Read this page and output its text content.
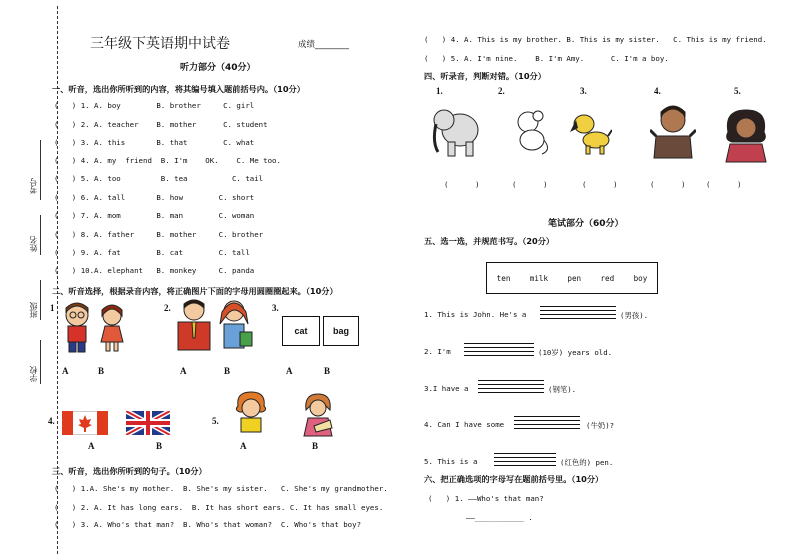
考号
姓名
班级
学校
三年级下英语期中试卷	成绩________
听力部分（40分）
一、听音，选出你所听到的内容，将其编号填入题前括号内。（10分）
(   ) 1. A. boy        B. brother     C. girl
(   ) 2. A. teacher    B. mother      C. student
(   ) 3. A. this       B. that        C. what
(   ) 4. A. my  friend  B. I'm    OK.    C. Me too.
(   ) 5. A. too         B. tea          C. tail
(   ) 6. A. tall       B. how        C. short
(   ) 7. A. mom        B. man        C. woman
(   ) 8. A. father     B. mother     C. brother
(   ) 9. A. fat        B. cat        C. tall
(   ) 10.A. elephant   B. monkey     C. panda
二、听音选择，根据录音内容，将正确图片下面的字母用圆圈圈起来。（10分）
1
A	B
2.
A	B
3.
cat	bag
A	B
4.
A	B
5.
A	B
三、听音，选出你所听到的句子。（10分）
(   ) 1.A. She's my mother.  B. She's my sister.   C. She's my grandmother.
(   ) 2. A. It has long ears.  B. It has short ears. C. It has small eyes.
(   ) 3. A. Who's that man?  B. Who's that woman?  C. Who's that boy?
(   ) 4. A. This is my brother. B. This is my sister.   C. This is my friend.
(   ) 5. A. I'm nine.    B. I'm Amy.      C. I'm a boy.
四、听录音，判断对错。（10分）
1.	2.	3.	4.	5.
(      )	(      )	(      )	(      )	(      )
笔试部分（60分）
五、选一选，并规范书写。（20分）
ten	milk	pen	red	boy
1. This is John. He's a	(男孩).
2. I'm	(10岁) years old.
3.I have a	(钢笔).
4. Can I have some	(牛奶)?
5. This is a	(红色的) pen.
六、把正确选项的字母写在题前括号里。（10分）
(   ) 1. ——Who's that man?
——___________ .
